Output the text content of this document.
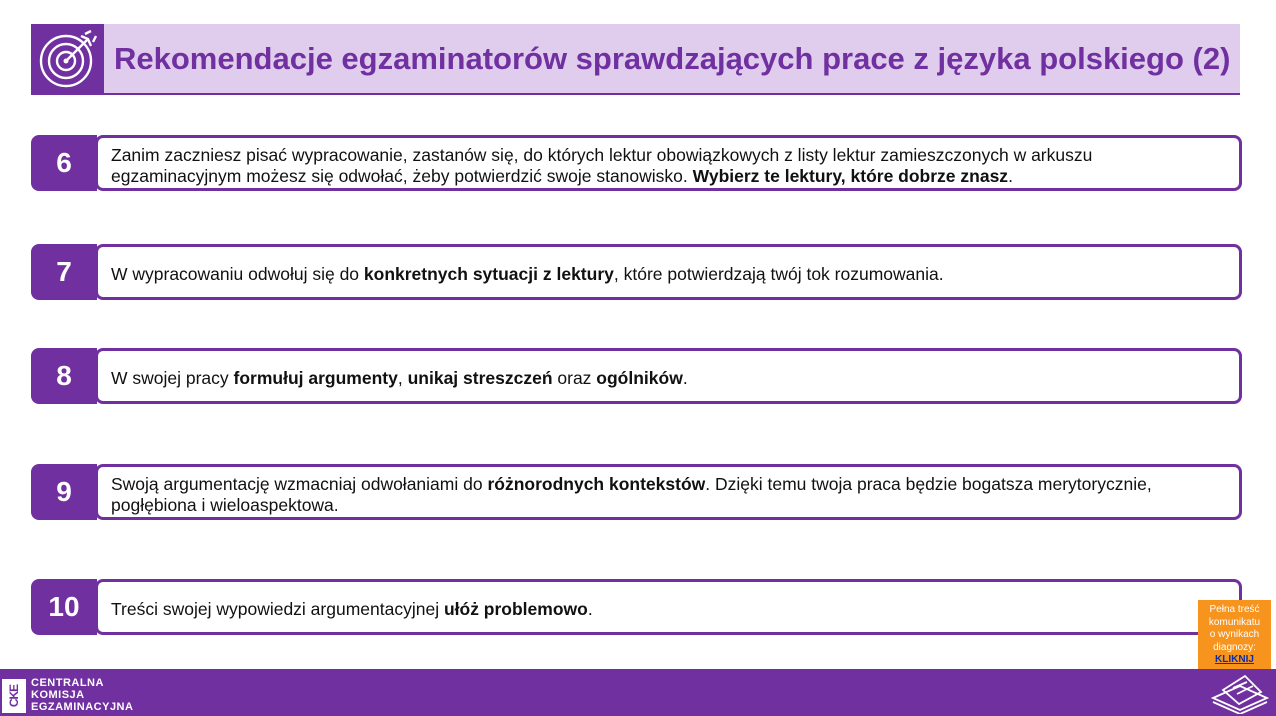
Rekomendacje egzaminatorów sprawdzających prace z języka polskiego (2)
6	Zanim zaczniesz pisać wypracowanie, zastanów się, do których lektur obowiązkowych z listy lektur zamieszczonych w arkuszu egzaminacyjnym możesz się odwołać, żeby potwierdzić swoje stanowisko. Wybierz te lektury, które dobrze znasz.
7	W wypracowaniu odwołuj się do konkretnych sytuacji z lektury, które potwierdzają twój tok rozumowania.
8	W swojej pracy formułuj argumenty, unikaj streszczeń oraz ogólników.
9	Swoją argumentację wzmacniaj odwołaniami do różnorodnych kontekstów. Dzięki temu twoja praca będzie bogatsza merytorycznie, pogłębiona i wieloaspektowa.
10	Treści swojej wypowiedzi argumentacyjnej ułóż problemowo.
CKE
CENTRALNA
KOMISJA
EGZAMINACYJNA
Pełna treść
komunikatu
o wynikach
diagnozy:
KLIKNIJ
